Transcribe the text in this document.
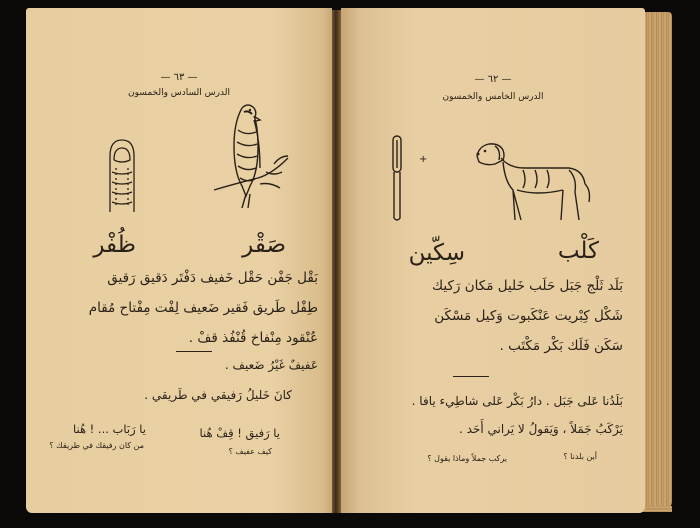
— ٦٣ —
الدرس السادس والخمسون
صَقْر
ظُفْر
بَقْل جَفْن حَقْل خَفيف دَفْتَر دَقيق رَقيق
طِفْل طَريق فَقير ضَعيف لِفْت مِفْتاح مُقام
عُنْقود مِنْفاخ قُنْفُذ قفْ .
عَفيفٌ غَيْرُ ضَعيف .
كانَ خَليلُ رَفيقي في طَريقي .
يا رَفيق ! قِفْ هُنا
يا رَبَاب ... ! هُنا
كيف عفيف ؟
من كان رفيقك في طريقك ؟
— ٦٢ —
الدرس الخامس والخمسون
+
كَلْب
سِكّين
بَلَد ثَلْج جَبَل حَلَب خَليل مَكان رَكيك
شَكْل كِبْريت عَنْكَبوت وَكيل مَسْكَن
سَكَن فَلَك بَكْر مَكْتَب .
بَلَدُنا عَلى جَبَل . دارُ بَكْر عَلى شاطِيء يافا .
يَرْكَبُ جَمَلاً ، وَيَقولُ لا يَراني أَحَد .
أين بلدنا ؟
يركب جملاً وماذا يقول ؟
